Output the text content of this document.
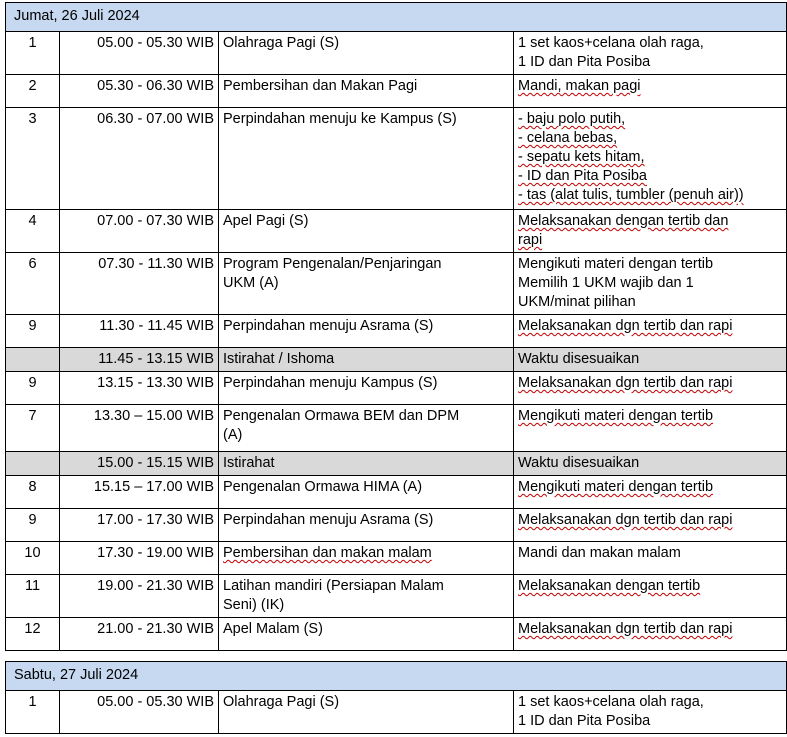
Jumat, 26 Juli 2024			
1	05.00 - 05.30 WIB	Olahraga Pagi (S)	1 set kaos+celana olah raga,
1 ID dan Pita Posiba

2	05.30 - 06.30 WIB	Pembersihan dan Makan Pagi	Mandi, makan pagi

3	06.30 - 07.00 WIB	Perpindahan menuju ke Kampus (S)	- baju polo putih,
- celana bebas,
- sepatu kets hitam,
- ID dan Pita Posiba
- tas (alat tulis, tumbler (penuh air))

4	07.00 - 07.30 WIB	Apel Pagi (S)	Melaksanakan dengan tertib dan
rapi

6	07.30 - 11.30 WIB	Program Pengenalan/Penjaringan
UKM (A)	Mengikuti materi dengan tertib
Memilih 1 UKM wajib dan 1
UKM/minat pilihan

9	11.30 - 11.45 WIB	Perpindahan menuju Asrama (S)	Melaksanakan dgn tertib dan rapi

	11.45 - 13.15 WIB	Istirahat / Ishoma	Waktu disesuaikan

9	13.15 - 13.30 WIB	Perpindahan menuju Kampus (S)	Melaksanakan dgn tertib dan rapi

7	13.30 – 15.00 WIB	Pengenalan Ormawa BEM dan DPM
(A)	Mengikuti materi dengan tertib

	15.00 - 15.15 WIB	Istirahat	Waktu disesuaikan

8	15.15 – 17.00 WIB	Pengenalan Ormawa HIMA (A)	Mengikuti materi dengan tertib

9	17.00 - 17.30 WIB	Perpindahan menuju Asrama (S)	Melaksanakan dgn tertib dan rapi

10	17.30 - 19.00 WIB	Pembersihan dan makan malam	Mandi dan makan malam

11	19.00 - 21.30 WIB	Latihan mandiri (Persiapan Malam
Seni) (IK)	Melaksanakan dengan tertib

12	21.00 - 21.30 WIB	Apel Malam (S)	Melaksanakan dgn tertib dan rapi
Sabtu, 27 Juli 2024
1	05.00 - 05.30 WIB	Olahraga Pagi (S)	1 set kaos+celana olah raga,
1 ID dan Pita Posiba
